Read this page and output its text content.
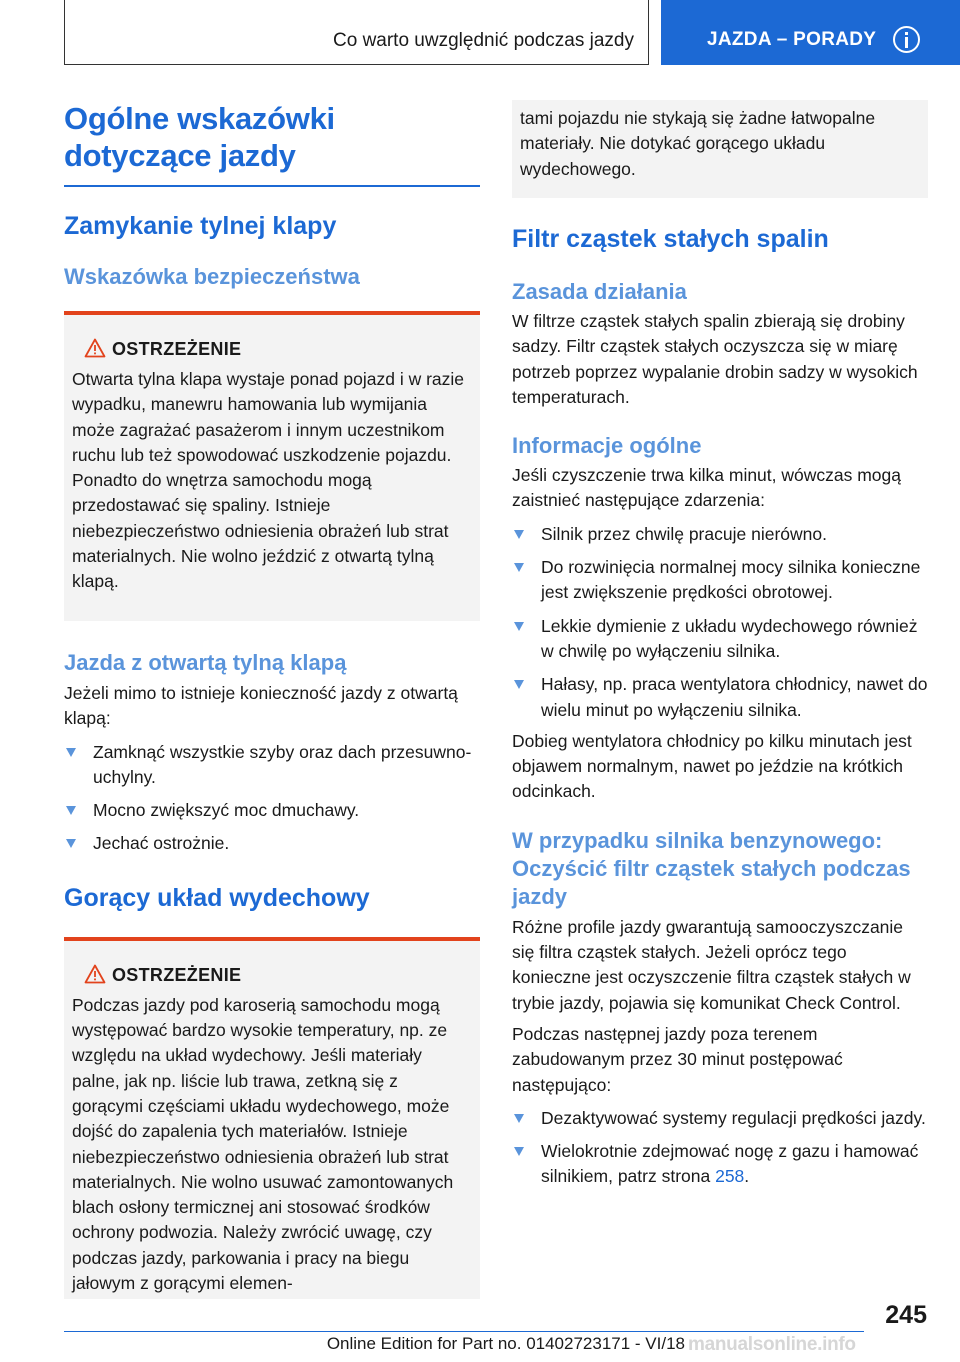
Co warto uwzględnić podczas jazdy	JAZDA – PORADY
Ogólne wskazówki
dotyczące jazdy
Zamykanie tylnej klapy
Wskazówka bezpieczeństwa
OSTRZEŻENIE

Otwarta tylna klapa wystaje ponad pojazd i w razie wypadku, manewru hamowania lub wymijania może zagrażać pasażerom i innym uczestnikom ruchu lub też spowodować uszkodzenie pojazdu. Ponadto do wnętrza samochodu mogą przedostawać się spaliny. Istnieje niebezpieczeństwo odniesienia obrażeń lub strat materialnych. Nie wolno jeździć z otwartą tylną klapą.

Jazda z otwartą tylną klapą

Jeżeli mimo to istnieje konieczność jazdy z otwartą klapą:

Zamknąć wszystkie szyby oraz dach przesuwno-uchylny.
Mocno zwiększyć moc dmuchawy.
Jechać ostrożnie.
Gorący układ wydechowy
OSTRZEŻENIE

Podczas jazdy pod karoserią samochodu mogą występować bardzo wysokie temperatury, np. ze względu na układ wydechowy. Jeśli materiały palne, jak np. liście lub trawa, zetkną się z gorącymi częściami układu wydechowego, może dojść do zapalenia tych materiałów. Istnieje niebezpieczeństwo odniesienia obrażeń lub strat materialnych. Nie wolno usuwać zamontowanych blach osłony termicznej ani stosować środków ochrony podwozia. Należy zwrócić uwagę, czy podczas jazdy, parkowania i pracy na biegu jałowym z gorącymi elemen-

tami pojazdu nie stykają się żadne łatwopalne materiały. Nie dotykać gorącego układu wydechowego.

Filtr cząstek stałych spalin
Zasada działania

W filtrze cząstek stałych spalin zbierają się drobiny sadzy. Filtr cząstek stałych oczyszcza się w miarę potrzeb poprzez wypalanie drobin sadzy w wysokich temperaturach.

Informacje ogólne

Jeśli czyszczenie trwa kilka minut, wówczas mogą zaistnieć następujące zdarzenia:

Silnik przez chwilę pracuje nierówno.
Do rozwinięcia normalnej mocy silnika konieczne jest zwiększenie prędkości obrotowej.
Lekkie dymienie z układu wydechowego również w chwilę po wyłączeniu silnika.
Hałasy, np. praca wentylatora chłodnicy, nawet do wielu minut po wyłączeniu silnika.

Dobieg wentylatora chłodnicy po kilku minutach jest objawem normalnym, nawet po jeździe na krótkich odcinkach.

W przypadku silnika benzynowego: Oczyścić filtr cząstek stałych podczas jazdy

Różne profile jazdy gwarantują samooczyszczanie się filtra cząstek stałych. Jeżeli oprócz tego konieczne jest oczyszczenie filtra cząstek stałych w trybie jazdy, pojawia się komunikat Check Control.

Podczas następnej jazdy poza terenem zabudowanym przez 30 minut postępować następująco:

Dezaktywować systemy regulacji prędkości jazdy.
Wielokrotnie zdejmować nogę z gazu i hamować silnikiem, patrz strona 258.
245
Online Edition for Part no. 01402723171 - VI/18 manualsonline.info
